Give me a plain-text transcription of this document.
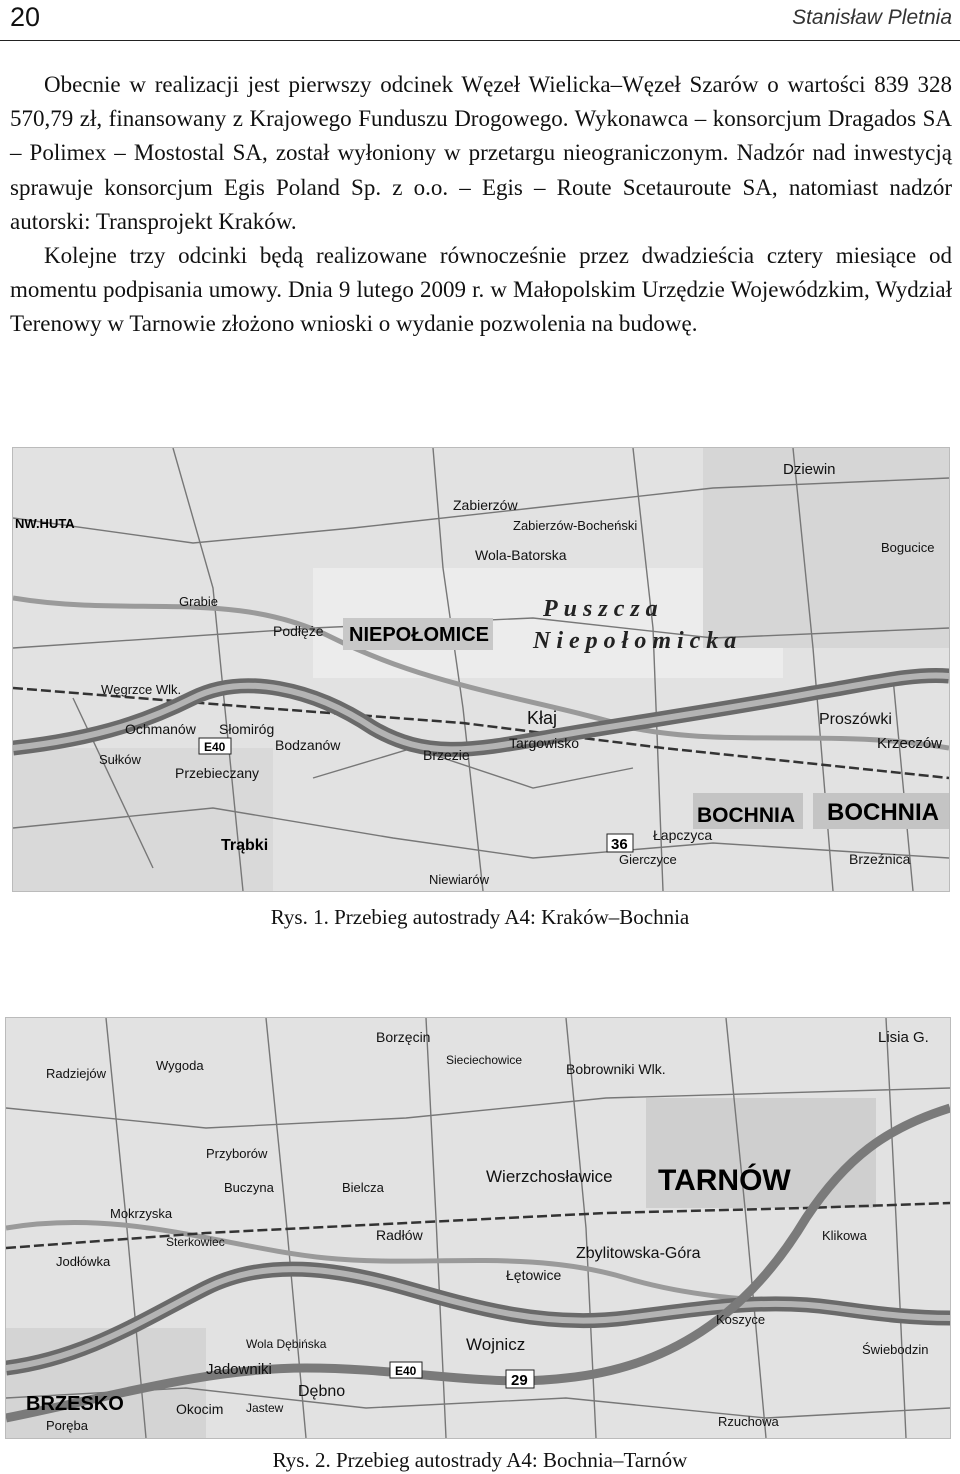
20	Stanisław Pletnia

Obecnie w realizacji jest pierwszy odcinek Węzeł Wielicka–Węzeł Szarów o wartości 839 328 570,79 zł, finansowany z Krajowego Funduszu Drogowego. Wykonawca – konsorcjum Dragados SA – Polimex – Mostostal SA, został wyłoniony w przetargu nieograniczonym. Nadzór nad inwestycją sprawuje konsorcjum Egis Poland Sp. z o.o. – Egis – Route Scetauroute SA, natomiast nadzór autorski: Transprojekt Kraków.

Kolejne trzy odcinki będą realizowane równocześnie przez dwadzieścia cztery miesiące od momentu podpisania umowy. Dnia 9 lutego 2009 r. w Małopolskim Urzędzie Wojewódzkim, Wydział Terenowy w Tarnowie złożono wnioski o wydanie pozwolenia na budowę.

NIEPOŁOMICE
Puszcza
Niepołomicka
BOCHNIA BOCHNIA
Podłęże
Bodzanów
Kłaj
Zabierzów
Wola-Batorska
Trąbki
Brzezie
Targowisko
Proszówki
Krzeczów
Dziewin
Bogucice
Brzeźnica
Łapczyca
Niewiarów
Gierczyce
NW.HUTA
Grabie
Ochmanów Słomiróg
Zabierzów-Bocheński
Przebieczany
Sułków
Węgrzce Wlk.
E40
36
Rys. 1. Przebieg autostrady A4: Kraków–Bochnia
TARNÓW
BRZESKO
Wierzchosławice
Zbylitowska-Góra
Wojnicz
Dębno
Jadowniki
Okocim
Poręba
Bobrowniki Wlk.
Lisia G.
Borzęcin
Radłów
Sterkowiec
Mokrzyska
Jodłówka
Łętowice
Wygoda
Radziejów
Przyborów
Buczyna	Bielcza
Świebodzin
Rzuchowa
Klikowa
Koszyce
Wola Dębińska
Jastew
Sieciechowice
E40
29
Rys. 2. Przebieg autostrady A4: Bochnia–Tarnów
